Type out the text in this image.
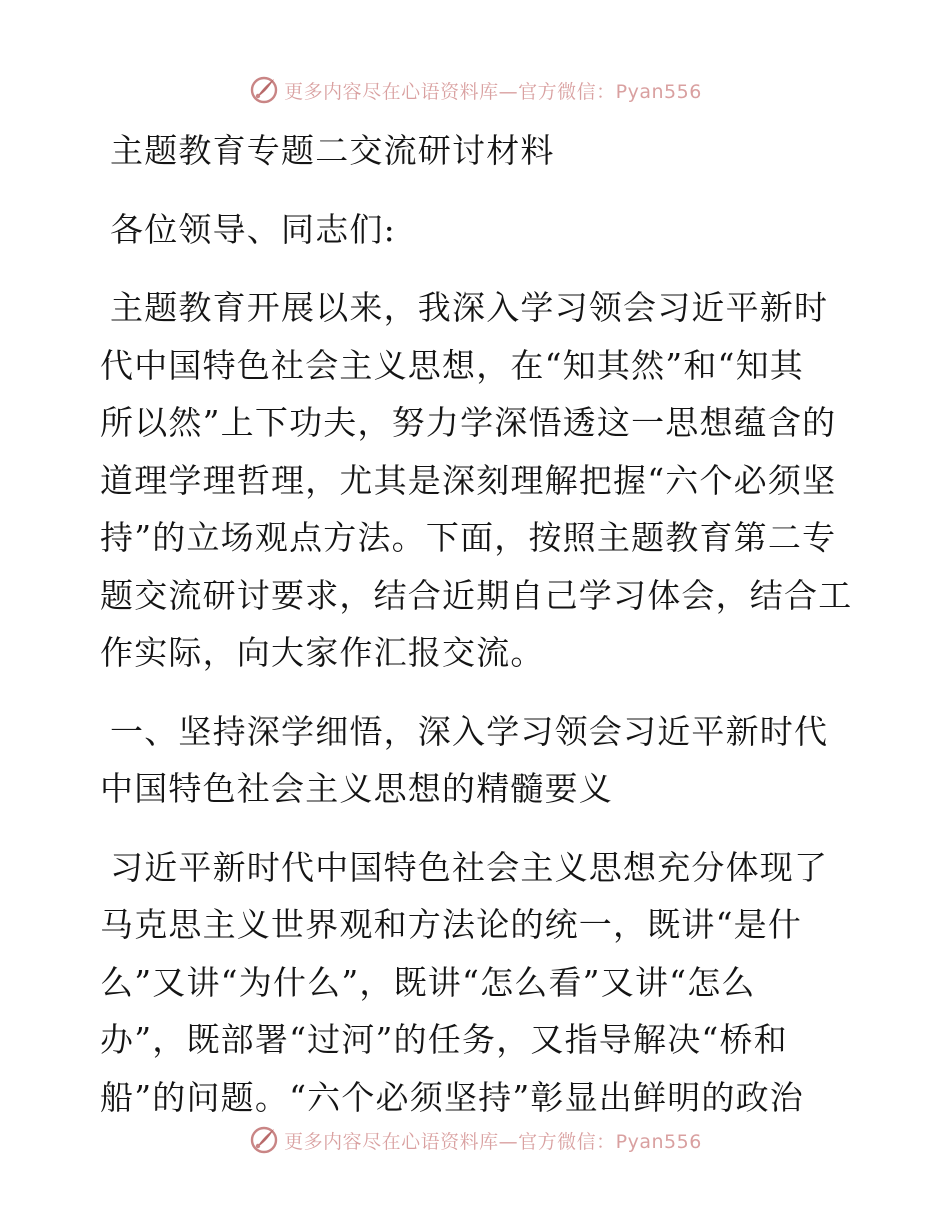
更多内容尽在心语资料库—官方微信：Pyan556
主题教育专题二交流研讨材料
各位领导、同志们:
主题教育开展以来，我深入学习领会习近平新时
代中国特色社会主义思想，在“知其然”和“知其
所以然”上下功夫，努力学深悟透这一思想蕴含的
道理学理哲理，尤其是深刻理解把握“六个必须坚
持”的立场观点方法。下面，按照主题教育第二专
题交流研讨要求，结合近期自己学习体会，结合工
作实际，向大家作汇报交流。
一、坚持深学细悟，深入学习领会习近平新时代
中国特色社会主义思想的精髓要义
习近平新时代中国特色社会主义思想充分体现了
马克思主义世界观和方法论的统一，既讲“是什
么”又讲“为什么”，既讲“怎么看”又讲“怎么
办”，既部署“过河”的任务，又指导解决“桥和
船”的问题。“六个必须坚持”彰显出鲜明的政治
更多内容尽在心语资料库—官方微信：Pyan556
